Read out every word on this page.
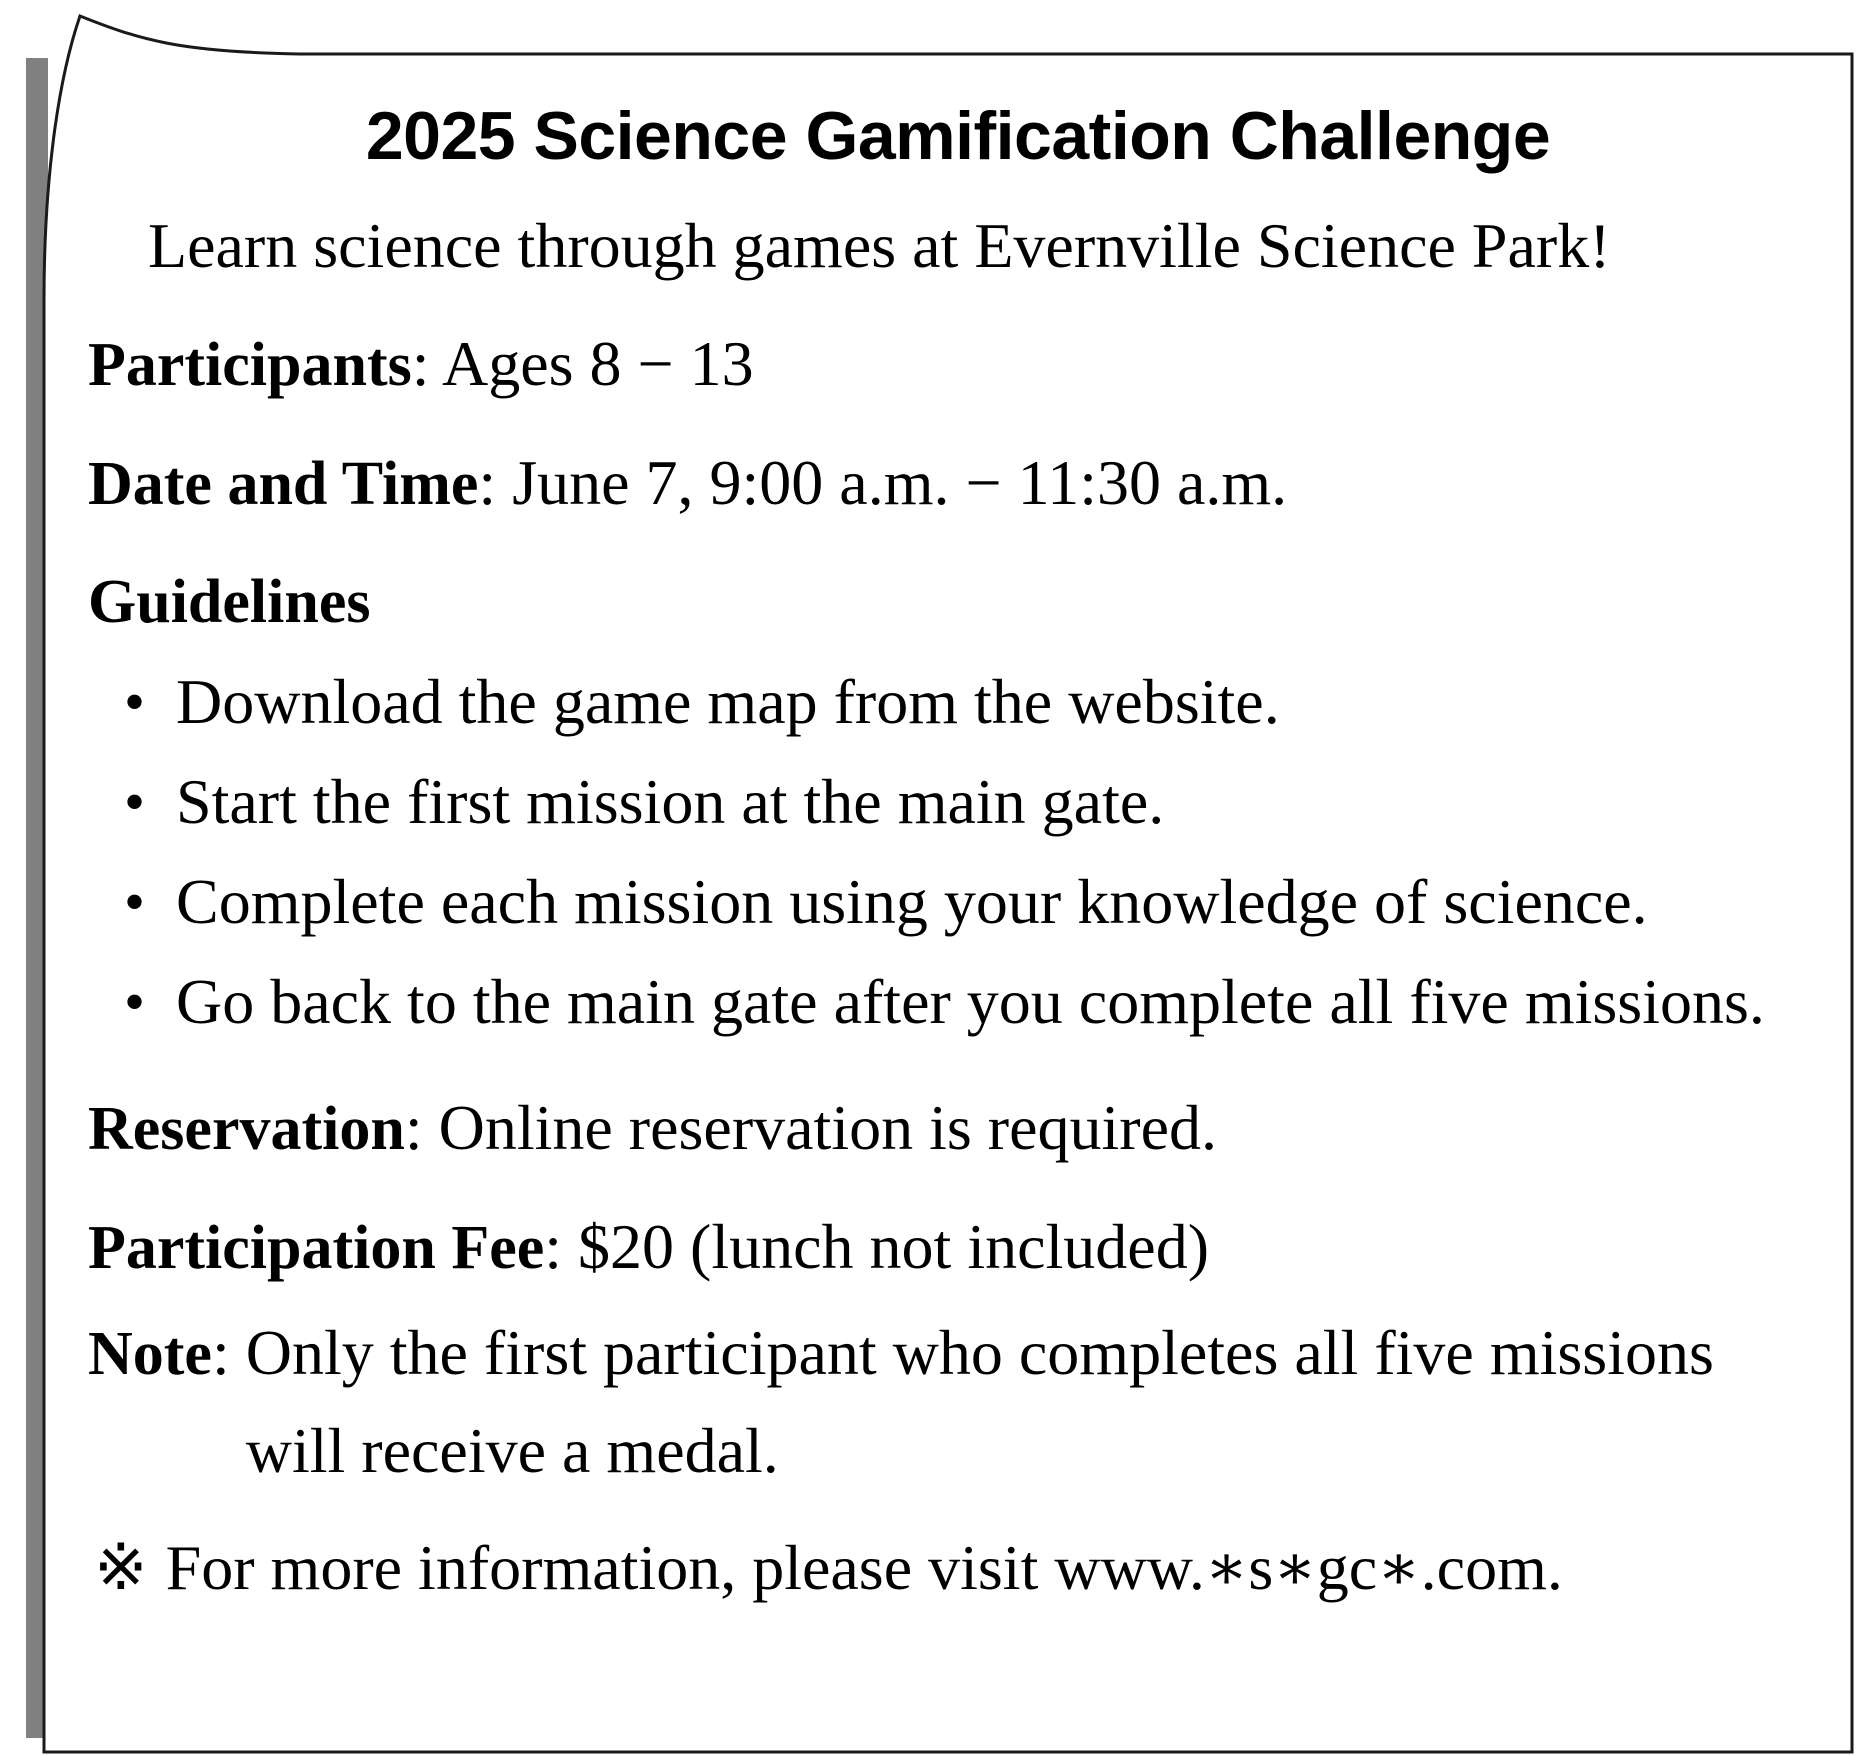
2025 Science Gamification Challenge
Learn science through games at Evernville Science Park!
Participants: Ages 8 − 13
Date and Time: June 7, 9:00 a.m. − 11:30 a.m.
Guidelines
• Download the game map from the website.
• Start the first mission at the main gate.
• Complete each mission using your knowledge of science.
• Go back to the main gate after you complete all five missions.
Reservation: Online reservation is required.
Participation Fee: $20 (lunch not included)
Note: Only the first participant who completes all five missions will receive a medal.
※ For more information, please visit www.∗s∗gc∗.com.
